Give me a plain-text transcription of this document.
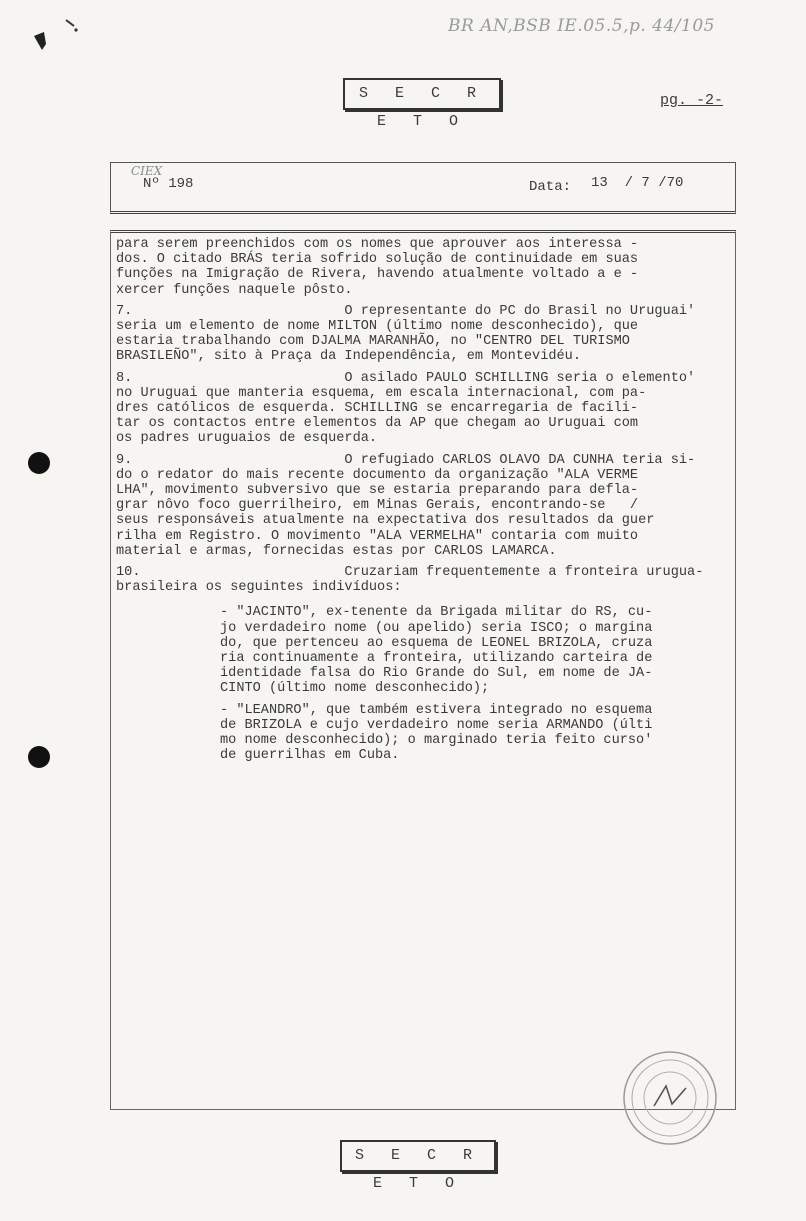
BR AN,BSB IE.05.5,p. 44/105
S E C R E T O
pg. -2-
CIEX
Nº 198	Data: 13  / 7 /70

para serem preenchidos com os nomes que aprouver aos interessa -
dos. O citado BRÁS teria sofrido solução de continuidade em suas
funções na Imigração de Rivera, havendo atualmente voltado a e -
xercer funções naquele pôsto.

7.                          O representante do PC do Brasil no Uruguai'
seria um elemento de nome MILTON (último nome desconhecido), que
estaria trabalhando com DJALMA MARANHÃO, no "CENTRO DEL TURISMO
BRASILEÑO", sito à Praça da Independência, em Montevidéu.

8.                          O asilado PAULO SCHILLING seria o elemento'
no Uruguai que manteria esquema, em escala internacional, com pa-
dres católicos de esquerda. SCHILLING se encarregaria de facili-
tar os contactos entre elementos da AP que chegam ao Uruguai com
os padres uruguaios de esquerda.

9.                          O refugiado CARLOS OLAVO DA CUNHA teria si-
do o redator do mais recente documento da organização "ALA VERME
LHA", movimento subversivo que se estaria preparando para defla-
grar nôvo foco guerrilheiro, em Minas Gerais, encontrando-se   /
seus responsáveis atualmente na expectativa dos resultados da guer
rilha em Registro. O movimento "ALA VERMELHA" contaria com muito
material e armas, fornecidas estas por CARLOS LAMARCA.

10.                         Cruzariam frequentemente a fronteira urugua-
brasileira os seguintes indivíduos:

- "JACINTO", ex-tenente da Brigada militar do RS, cu-
jo verdadeiro nome (ou apelido) seria ISCO; o margina
do, que pertenceu ao esquema de LEONEL BRIZOLA, cruza
ria continuamente a fronteira, utilizando carteira de
identidade falsa do Rio Grande do Sul, em nome de JA-
CINTO (último nome desconhecido);

- "LEANDRO", que também estivera integrado no esquema
de BRIZOLA e cujo verdadeiro nome seria ARMANDO (últi
mo nome desconhecido); o marginado teria feito curso'
de guerrilhas em Cuba.

S E C R E T O
